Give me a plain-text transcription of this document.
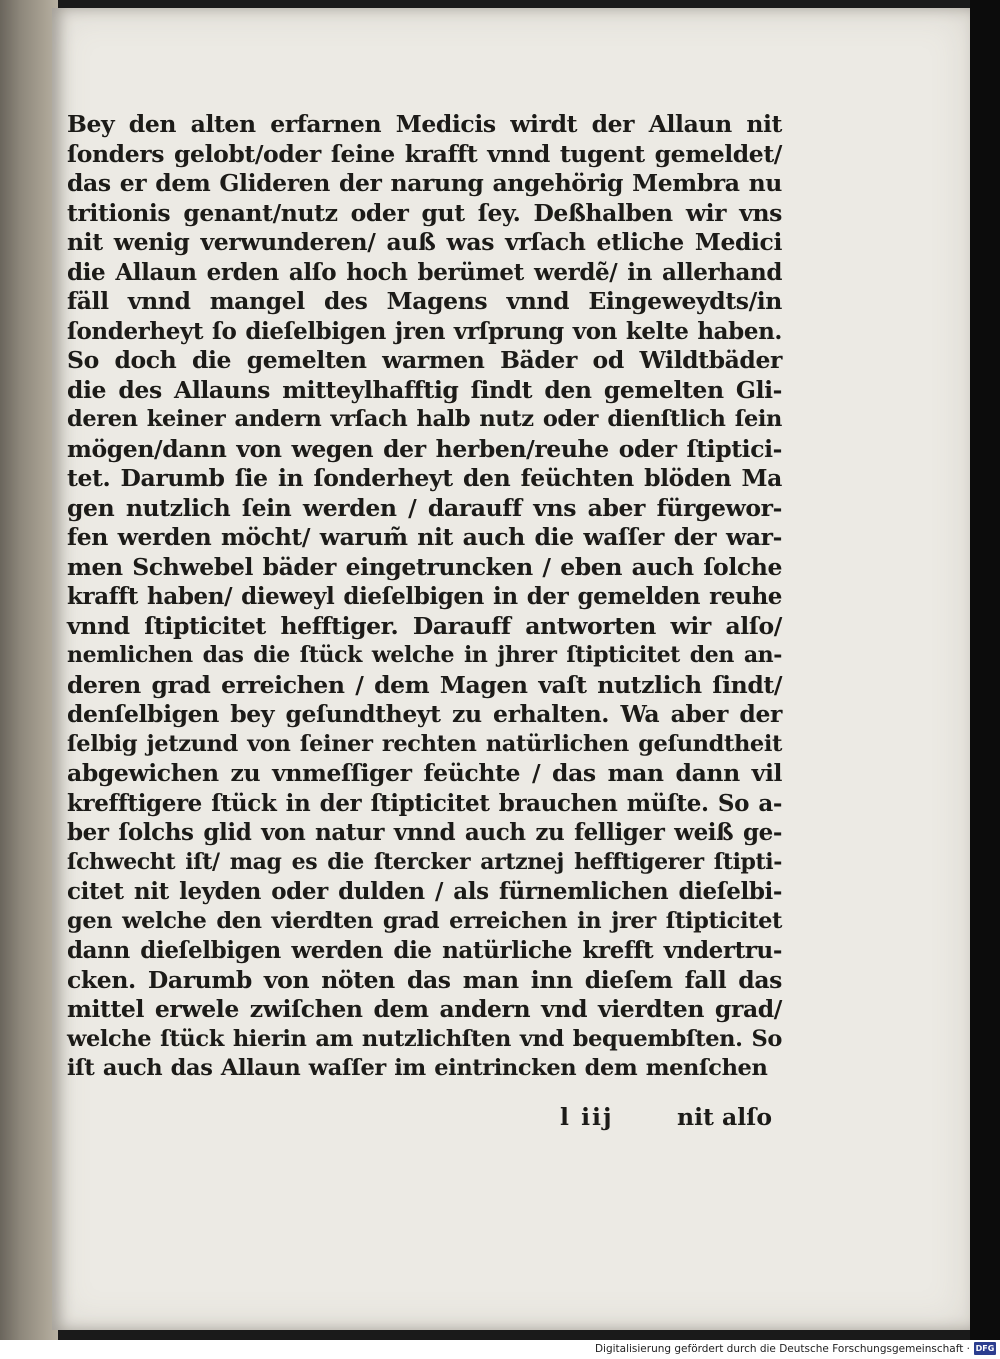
Bey den alten erfarnen Medicis wirdt der Allaun nit
ſonders gelobt/oder ſeine krafft vnnd tugent gemeldet/
das er dem Glideren der narung angehörig Membra nu
tritionis genant/nutz oder gut ſey. Deßhalben wir vns
nit wenig verwunderen/ auß was vrſach etliche Medici
die Allaun erden alſo hoch berümet werdẽ/ in allerhand
fäll vnnd mangel des Magens vnnd Eingeweydts/in
ſonderheyt ſo dieſelbigen jren vrſprung von kelte haben.
So doch die gemelten warmen Bäder od Wildtbäder
die des Allauns mitteylhafftig ſindt den gemelten Gli-
deren keiner andern vrſach halb nutz oder dienſtlich ſein
mögen/dann von wegen der herben/reuhe oder ſtiptici-
tet. Darumb ſie in ſonderheyt den feüchten blöden Ma
gen nutzlich ſein werden / darauff vns aber fürgewor-
fen werden möcht/ warum̃ nit auch die waſſer der war-
men Schwebel bäder eingetruncken / eben auch ſolche
krafft haben/ dieweyl dieſelbigen in der gemelden reuhe
vnnd ſtipticitet hefftiger. Darauff antworten wir alſo/
nemlichen das die ſtück welche in jhrer ſtipticitet den an-
deren grad erreichen / dem Magen vaſt nutzlich ſindt/
denſelbigen bey geſundtheyt zu erhalten. Wa aber der
ſelbig jetzund von ſeiner rechten natürlichen geſundtheit
abgewichen zu vnmeſſiger feüchte / das man dann vil
krefftigere ſtück in der ſtipticitet brauchen müſte. So a-
ber ſolchs glid von natur vnnd auch zu felliger weiß ge-
ſchwecht iſt/ mag es die ſtercker artznej hefftigerer ſtipti-
citet nit leyden oder dulden / als fürnemlichen dieſelbi-
gen welche den vierdten grad erreichen in jrer ſtipticitet
dann dieſelbigen werden die natürliche krefft vndertru-
cken. Darumb von nöten das man inn dieſem fall das
mittel erwele zwiſchen dem andern vnd vierdten grad/
welche ſtück hierin am nutzlichſten vnd bequembſten. So
iſt auch das Allaun waſſer im eintrincken dem menſchen
l iij	nit alſo
Digitalisierung gefördert durch die Deutsche Forschungsgemeinschaft · DFG
